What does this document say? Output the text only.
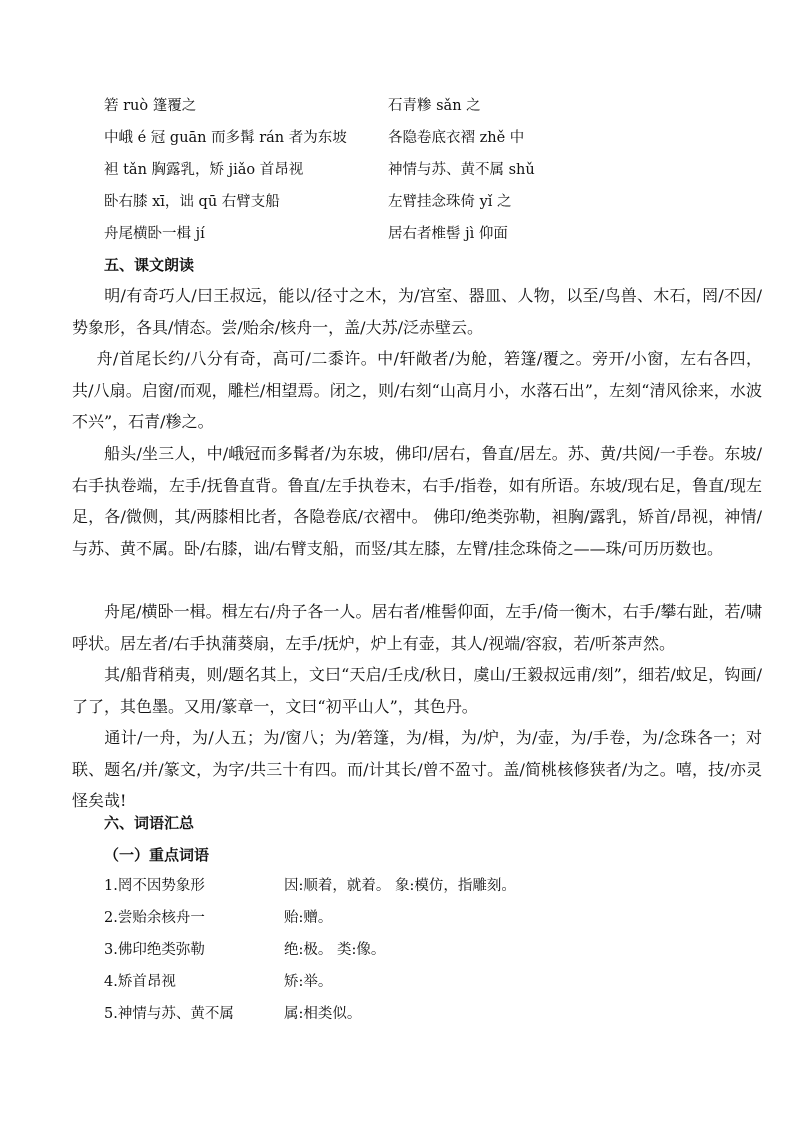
箬 ruò 篷覆之	石青糁 sǎn 之
中峨 é 冠 guān 而多髯 rán 者为东坡	各隐卷底衣褶 zhě 中
袒 tǎn 胸露乳，矫 jiǎo 首昂视	神情与苏、黄不属 shǔ
卧右膝 xī，诎 qū 右臂支船	左臂挂念珠倚 yǐ 之
舟尾横卧一楫 jí	居右者椎髻 jì 仰面
五、课文朗读
明/有奇巧人/曰王叔远，能以/径寸之木，为/宫室、器皿、人物，以至/鸟兽、木石，罔/不因/势象形，各具/情态。尝/贻余/核舟一，盖/大苏/泛赤壁云。
舟/首尾长约/八分有奇，高可/二黍许。中/轩敞者/为舱，箬篷/覆之。旁开/小窗，左右各四，共/八扇。启窗/而观，雕栏/相望焉。闭之，则/右刻“山高月小，水落石出”，左刻“清风徐来，水波不兴”，石青/糁之。
船头/坐三人，中/峨冠而多髯者/为东坡，佛印/居右，鲁直/居左。苏、黄/共阅/一手卷。东坡/右手执卷端，左手/抚鲁直背。鲁直/左手执卷末，右手/指卷，如有所语。东坡/现右足，鲁直/现左足，各/微侧，其/两膝相比者，各隐卷底/衣褶中。 佛印/绝类弥勒，袒胸/露乳，矫首/昂视，神情/与苏、黄不属。卧/右膝，诎/右臂支船，而竖/其左膝，左臂/挂念珠倚之——珠/可历历数也。
舟尾/横卧一楫。楫左右/舟子各一人。居右者/椎髻仰面，左手/倚一衡木，右手/攀右趾，若/啸呼状。居左者/右手执蒲葵扇，左手/抚炉，炉上有壶，其人/视端/容寂，若/听茶声然。
其/船背稍夷，则/题名其上，文曰“天启/壬戌/秋日，虞山/王毅叔远甫/刻”，细若/蚊足，钩画/了了，其色墨。又用/篆章一，文曰“初平山人”，其色丹。
通计/一舟，为/人五；为/窗八；为/箬篷，为/楫，为/炉，为/壶，为/手卷，为/念珠各一；对联、题名/并/篆文，为字/共三十有四。而/计其长/曾不盈寸。盖/简桃核修狭者/为之。嘻，技/亦灵怪矣哉!
六、词语汇总
（一）重点词语
1.罔不因势象形	因:顺着，就着。 象:模仿，指雕刻。
2.尝贻余核舟一	贻:赠。
3.佛印绝类弥勒	绝:极。 类:像。
4.矫首昂视	矫:举。
5.神情与苏、黄不属	属:相类似。
